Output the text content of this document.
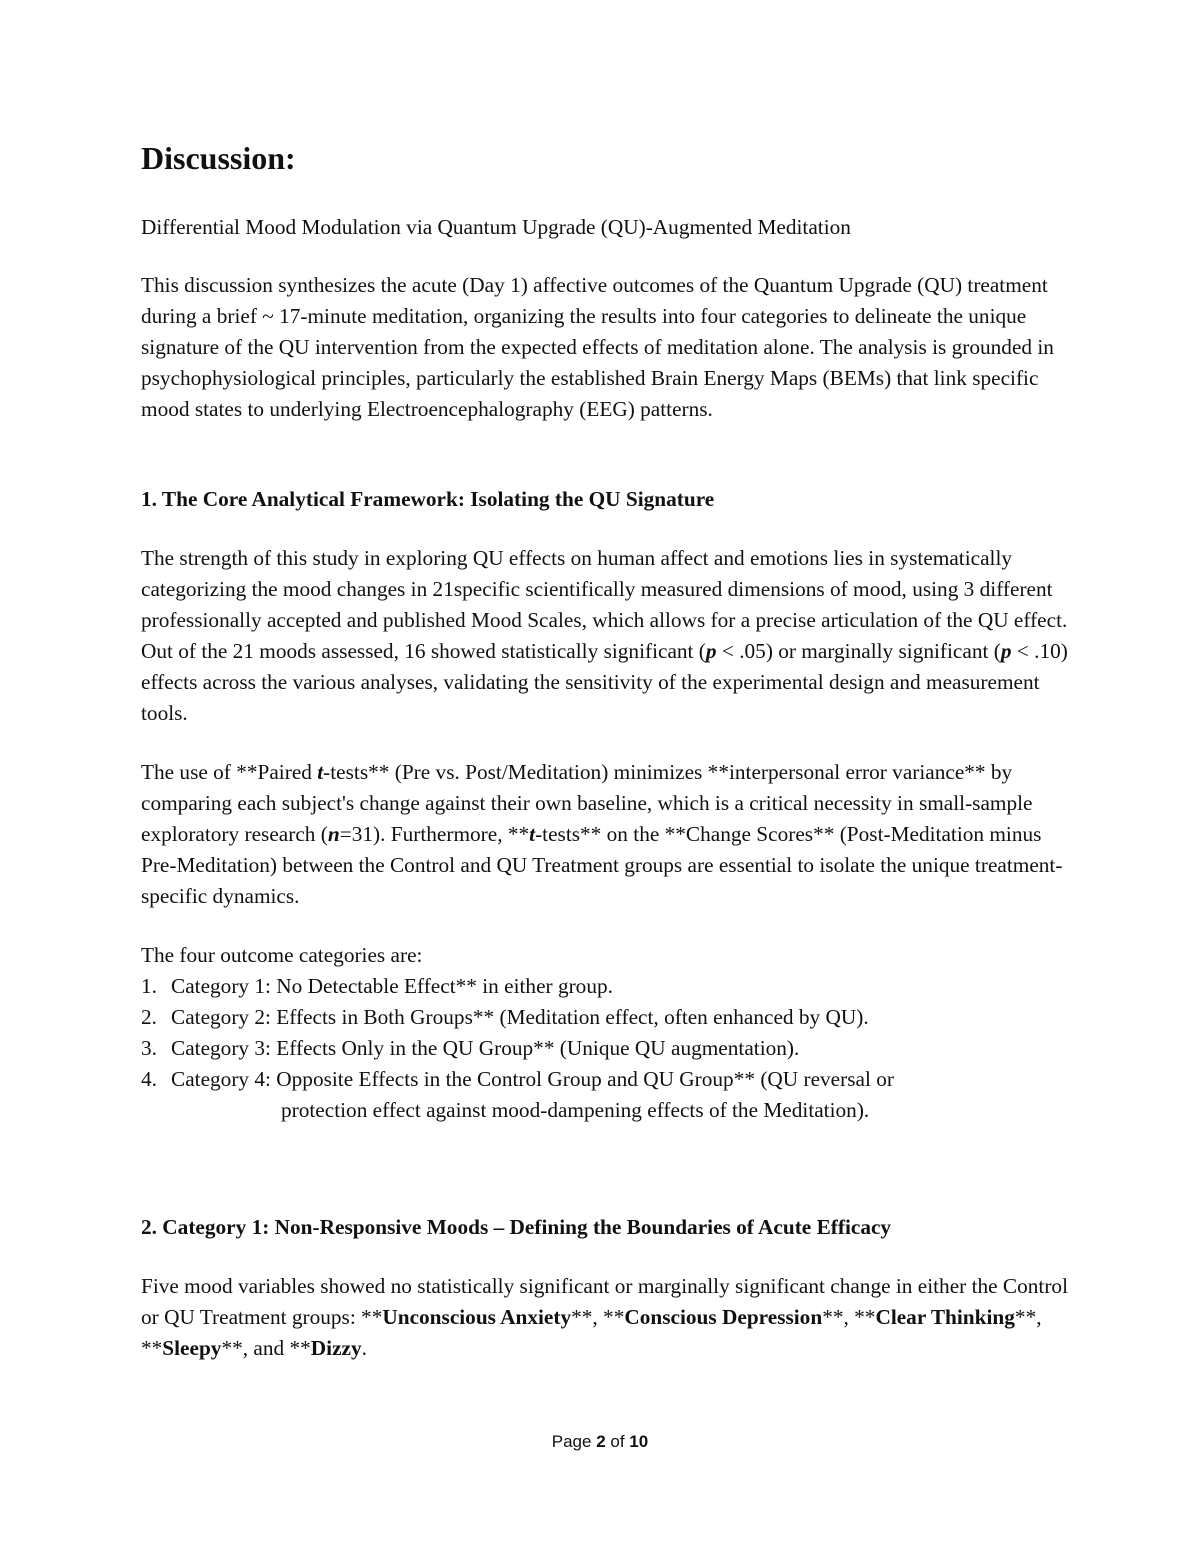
Discussion:

Differential Mood Modulation via Quantum Upgrade (QU)-Augmented Meditation

This discussion synthesizes the acute (Day 1) affective outcomes of the Quantum Upgrade (QU) treatment during a brief ~ 17-minute meditation, organizing the results into four categories to delineate the unique signature of the QU intervention from the expected effects of meditation alone. The analysis is grounded in psychophysiological principles, particularly the established Brain Energy Maps (BEMs) that link specific mood states to underlying Electroencephalography (EEG) patterns.

1. The Core Analytical Framework: Isolating the QU Signature

The strength of this study in exploring QU effects on human affect and emotions lies in systematically categorizing the mood changes in 21specific scientifically measured dimensions of mood, using 3 different professionally accepted and published Mood Scales, which allows for a precise articulation of the QU effect. Out of the 21 moods assessed, 16 showed statistically significant (p < .05) or marginally significant (p < .10) effects across the various analyses, validating the sensitivity of the experimental design and measurement tools.

The use of **Paired t-tests** (Pre vs. Post/Meditation) minimizes **interpersonal error variance** by comparing each subject's change against their own baseline, which is a critical necessity in small-sample exploratory research (n=31). Furthermore, **t-tests** on the **Change Scores** (Post-Meditation minus Pre-Meditation) between the Control and QU Treatment groups are essential to isolate the unique treatment-specific dynamics.

The four outcome categories are:

1. Category 1: No Detectable Effect** in either group.
2. Category 2: Effects in Both Groups** (Meditation effect, often enhanced by QU).
3. Category 3: Effects Only in the QU Group** (Unique QU augmentation).
4. Category 4: Opposite Effects in the Control Group and QU Group** (QU reversal or
protection effect against mood-dampening effects of the Meditation).
2. Category 1: Non-Responsive Moods – Defining the Boundaries of Acute Efficacy

Five mood variables showed no statistically significant or marginally significant change in either the Control or QU Treatment groups: **Unconscious Anxiety**, **Conscious Depression**, **Clear Thinking**, **Sleepy**, and **Dizzy.

Page 2 of 10
